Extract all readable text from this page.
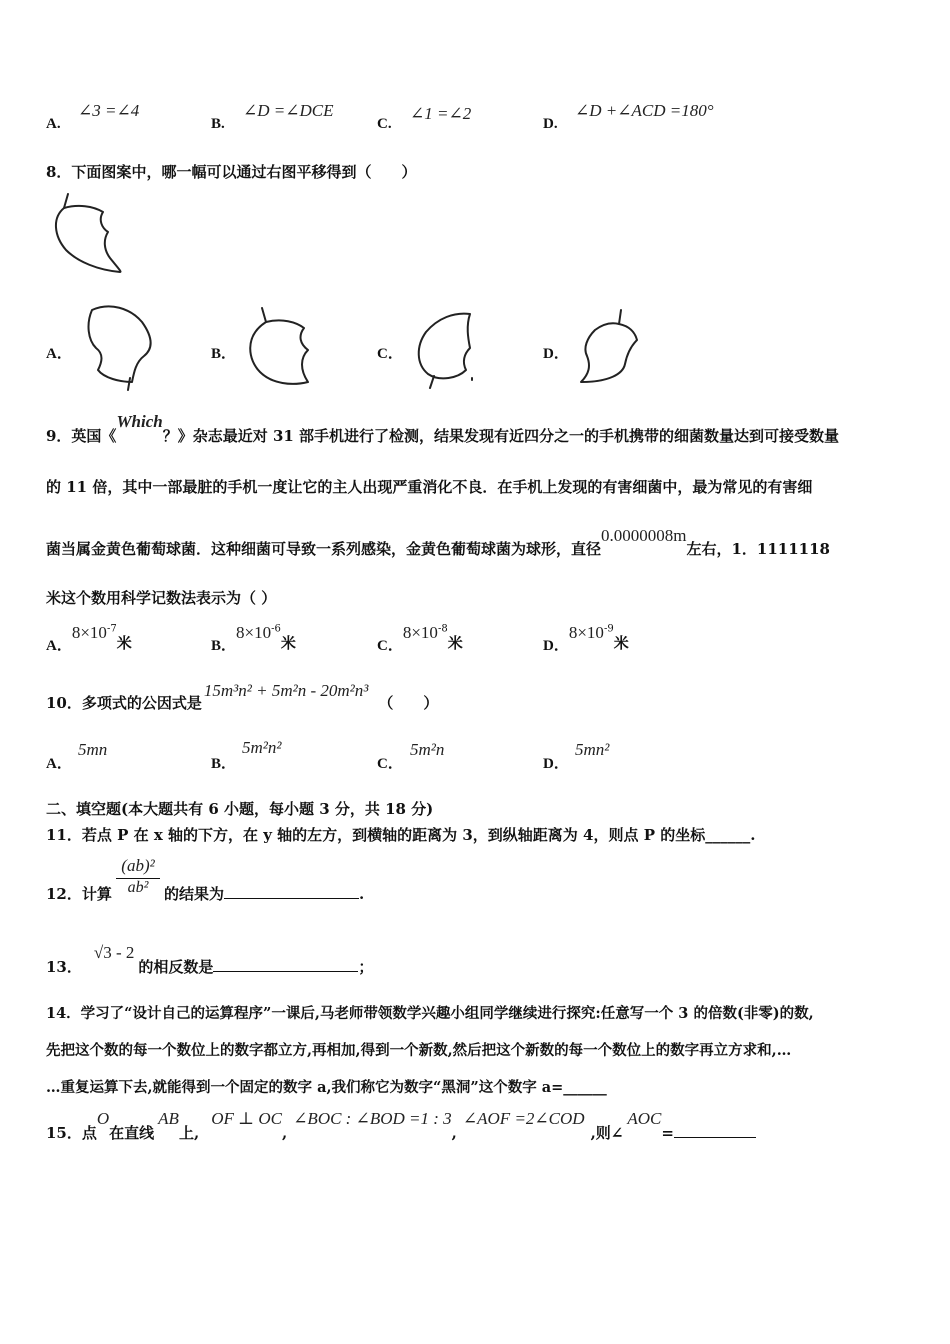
A.
∠3 =∠4
B.
∠D =∠DCE
C.
∠1 =∠2
D.
∠D +∠ACD =180°
8．下面图案中，哪一幅可以通过右图平移得到（　　）
A．	B．	C．	D．
9．英国《Which？》杂志最近对 31 部手机进行了检测，结果发现有近四分之一的手机携带的细菌数量达到可接受数量
的 11 倍，其中一部最脏的手机一度让它的主人出现严重消化不良．在手机上发现的有害细菌中，最为常见的有害细
菌当属金黄色葡萄球菌．这种细菌可导致一系列感染，金黄色葡萄球菌为球形，直径0.0000008m左右，1．1111118
米这个数用科学记数法表示为（ ）
A．$8\times 10^{-7}$米	B．$8\times 10^{-6}$米	C．$8\times 10^{-8}$米	D．$8\times 10^{-9}$米
10．多项式的公因式是15m³n² + 5m²n - 20m²n³（　　）
A．
5mn
B．
5m²n²
C．
5m²n
D．
5mn²
二、填空题(本大题共有 6 小题，每小题 3 分，共 18 分)
11．若点 P 在 x 轴的下方，在 y 轴的左方，到横轴的距离为 3，到纵轴距离为 4，则点 P 的坐标______.
12．计算 $\frac{\text{(ab)²}}{\text{ab²}}$ 的结果为	.
13．√3 - 2的相反数是	；
14．学习了“设计自己的运算程序”一课后,马老师带领数学兴趣小组同学继续进行探究:任意写一个 3 的倍数(非零)的数,
先把这个数的每一个数位上的数字都立方,再相加,得到一个新数,然后把这个新数的每一个数位上的数字再立方求和,…
…重复运算下去,就能得到一个固定的数字 a,我们称它为数字“黑洞”这个数字 a=______
15．点O在直线AB上,OF ⊥ OC,∠BOC : ∠BOD =1 : 3,∠AOF =2∠COD,则∠AOC=
